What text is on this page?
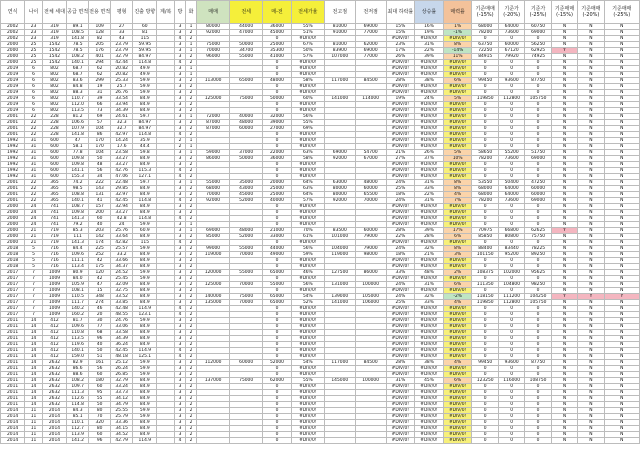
연식	나이	전체 세대	공급 면적	전용 면적	평형	진출 방향	계/복	방	화	매매	전세	매-전	전세가율	전고점	전저점	최대 하락률	상승률	매력률	기준매매 (-15%)	기준가 (-20%)	기준가 (-25%)	기준매매 (-15%)	기준매매 (-20%)	기준매매 (-25%)
2002	23	319	89.1	109	27	60		3	1	80000	44000	36000	55%	81000	69000	15%	16%	1%	68000	64000	60750	N	N	N
2002	23	319	108.5	128	33	81		3	2	92000	47000	45000	51%	91000	77000	15%	19%	-1%	78200	73600	69000	N	N	N
2002	23	319	141.8	82	43	115		4	2			0	#DIV/0!			#DIV/0!	#DIV/0!	#DIV/0!	0	0	0	N	N	N
2000	25	1542	78.5	205	23.79	59.95		3	1	75000	50000	25000	67%	81000	62000	23%	31%	8%	63750	60000	56250	N	N	N
2000	25	1542	78.5	176	23.79	59.95		3	1	70000	34700	35300	50%	83900	69000	17%	22%	-14%	72250	67120	62925	Y	N	N
2000	25	1542	108.2	401	32.79	84.97		3	2	96000	55000	41000	57%	107000	77000	26%	39%	11%	84915	79920	74925	N	N	N
2000	25	1542	140.1	294	42.44	114.8		4	2			0	#DIV/0!			#DIV/0!	#DIV/0!	#DIV/0!	0	0	0	N	N	N
2019	6	802	68.7	62	20.82	49.9		3	1			0	#DIV/0!			#DIV/0!	#DIV/0!	#DIV/0!	0	0	0	N	N	N
2019	6	802	68.7	62	20.82	49.9		3	1			0	#DIV/0!			#DIV/0!	#DIV/0!	#DIV/0!	0	0	0	N	N	N
2019	6	802	83.6	299	25.33	59.9		3	2	113000	65000	48000	58%	117000	84500	28%	38%	6%	99450	93600	87750	N	N	N
2019	6	802	84.8	19	25.7	59.9		3	2			0	#DIV/0!			#DIV/0!	#DIV/0!	#DIV/0!	0	0	0	N	N	N
2019	6	802	88.3	31	26.76	59.9		3	2			0	#DIV/0!			#DIV/0!	#DIV/0!	#DIV/0!	0	0	0	N	N	N
2019	6	802	110.7	39	33.54	84.9		3	2	125000	75000	50000	60%	141000	114000	19%	24%	5%	119850	112800	105750	N	N	N
2019	6	802	112.0	66	33.94	84.9		3	2			0	#DIV/0!			#DIV/0!	#DIV/0!	#DIV/0!	0	0	0	N	N	N
2019	6	802	113.5	73	34.39	84.9		3	2			0	#DIV/0!			#DIV/0!	#DIV/0!	#DIV/0!	0	0	0	N	N	N
2001	22	228	81.2	69	24.61	59.7		3	1	72000	40000	32000	56%			#DIV/0!	#DIV/0!	#DIV/0!	0	0	0	N	N	N
2001	22	228	106.6	57	32.3	84.97		3	2	87000	48000	39000	55%			#DIV/0!	#DIV/0!	#DIV/0!	0	0	0	N	N	N
2001	22	228	107.9	104	32.7	84.97		3	2	87000	60000	27000	69%			#DIV/0!	#DIV/0!	#DIV/0!	0	0	0	N	N	N
2001	22	228	141.8	86	42.97	114.8		4	2			0	#DIV/0!			#DIV/0!	#DIV/0!	#DIV/0!	0	0	0	N	N	N
1992	31	600	47	170	14.24	35.9		2	1			0	#DIV/0!			#DIV/0!	#DIV/0!	#DIV/0!	0	0	0	N	N	N
1992	31	600	58.1	170	17.6	44.4		2	1			0	#DIV/0!			#DIV/0!	#DIV/0!	#DIV/0!	0	0	0	N	N	N
1992	31	600	77.8	104	23.58	59.8		3	1	59000	37000	22000	63%	69000	54700	21%	26%	5%	58650	55200	51750	N	N	N
1992	31	600	109.8	50	33.27	84.9		3	2	86000	50000	36000	58%	92000	67000	27%	37%	10%	78200	73600	69000	N	N	N
1992	31	600	109.8	48	33.27	84.9		3	2			0	#DIV/0!			#DIV/0!	#DIV/0!	#DIV/0!	0	0	0	N	N	N
1992	31	600	141.1	56	42.76	115.3		4	2			0	#DIV/0!			#DIV/0!	#DIV/0!	#DIV/0!	0	0	0	N	N	N
1992	31	600	155.3	34	47.06	127.1		4	2			0	#DIV/0!			#DIV/0!	#DIV/0!	#DIV/0!	0	0	0	N	N	N
2001	22	365	74.2	222	22.48	59.7		3	1	55000	35000	20000	64%	63000	48000	24%	31%	8%	53550	50400	47250	N	N	N
2001	22	365	98.5	143	29.85	84.9		3	2	68000	43000	25000	63%	80000	60000	25%	33%	8%	68000	64000	60000	N	N	N
2001	22	365	108.8	131	32.97	84.9		3	2	70000	45000	25000	64%	80000	65500	18%	22%	4%	68000	64000	60000	N	N	N
2001	22	365	140.1	41	42.45	114.8		4	2	92000	52000	40000	57%	92000	70000	24%	31%	7%	78200	73600	69000	N	N	N
2000	24	741	108.7	157	32.94	84.9		3	2			0	#DIV/0!			#DIV/0!	#DIV/0!	#DIV/0!	0	0	0	N	N	N
2000	24	741	109.8	200	33.27	84.9		3	2			0	#DIV/0!			#DIV/0!	#DIV/0!	#DIV/0!	0	0	0	N	N	N
2000	24	741	141.3	60	42.8	114.8		4	2			0	#DIV/0!			#DIV/0!	#DIV/0!	#DIV/0!	0	0	0	N	N	N
2000	24	741	79.2	40	24	59.9		3	1			0	#DIV/0!			#DIV/0!	#DIV/0!	#DIV/0!	0	0	0	N	N	N
2000	21	719	85.3	203	25.76	60.9		3	1	69000	48000	21000	70%	83500	60000	28%	39%	17%	70975	66800	62625	Y	N	N
2000	21	719	111	142	33.64	84.9		3	2	85000	52000	33000	61%	101000	79000	22%	28%	6%	85850	80800	75750	N	N	N
2000	21	719	141.3	174	42.82	115		4	2			0	#DIV/0!			#DIV/0!	#DIV/0!	#DIV/0!	0	0	0	N	N	N
2018	5	716	84.4	225	25.57	59.9		3	2	99000	55000	44000	56%	104000	79000	24%	32%	8%	88400	83440	78225	N	N	N
2018	5	716	109.6	252	33.2	84.9		3	2	119000	70000	49000	59%	119000	98000	18%	21%	3%	101150	95200	89250	N	N	N
2018	5	716	111.1	42	33.66	84.9		3	2			0	#DIV/0!			#DIV/0!	#DIV/0!	#DIV/0!	0	0	0	N	N	N
2018	5	716	113.4	175	34.37	84.9		3	2			0	#DIV/0!			#DIV/0!	#DIV/0!	#DIV/0!	0	0	0	N	N	N
2017	7	1009	80.9	120	24.52	59.9		3	2	120000	55000	65000	46%	127500	86000	33%	48%	2%	108375	102000	95625	N	N	N
2017	7	1009	84.0	42	25.45	59.9		3	2			0	#DIV/0!			#DIV/0!	#DIV/0!	#DIV/0!	0	0	0	N	N	N
2017	7	1009	105.9	47	32.09	84.9		3	2	125000	70000	55000	56%	131000	100000	24%	31%	6%	111350	104800	98250	N	N	N
2017	7	1009	108.1	15	32.75	84.9		3	2			0	#DIV/0!			#DIV/0!	#DIV/0!	#DIV/0!	0	0	0	N	N	N
2017	7	1009	110.5	348	33.52	84.9		3	2	140000	75000	65000	54%	139000	105000	24%	32%	-2%	118150	111200	104250	Y	Y	Y
2017	7	1009	111.7	274	33.85	84.9		3	2	135000	70000	65000	52%	141000	106000	25%	33%	4%	119850	112800	105750	N	N	N
2017	7	1009	140.2	46	42.48	114.9		4	2			0	#DIV/0!			#DIV/0!	#DIV/0!	#DIV/0!	0	0	0	N	N	N
2017	7	1009	160.2	20	48.55	123.1		4	2			0	#DIV/0!			#DIV/0!	#DIV/0!	#DIV/0!	0	0	0	N	N	N
2011	14	412	81.7	30	24.76	59.9		3	2			0	#DIV/0!			#DIV/0!	#DIV/0!	#DIV/0!	0	0	0	N	N	N
2011	14	412	109.6	77	33.06	84.9		3	2			0	#DIV/0!			#DIV/0!	#DIV/0!	#DIV/0!	0	0	0	N	N	N
2011	14	412	110.8	68	33.58	84.9		3	2			0	#DIV/0!			#DIV/0!	#DIV/0!	#DIV/0!	0	0	0	N	N	N
2011	14	412	113.5	96	34.39	84.9		3	2			0	#DIV/0!			#DIV/0!	#DIV/0!	#DIV/0!	0	0	0	N	N	N
2011	14	412	119.6	40	36.24	84.9		3	2			0	#DIV/0!			#DIV/0!	#DIV/0!	#DIV/0!	0	0	0	N	N	N
2011	14	412	140.1	50	42.45	114.9		4	2			0	#DIV/0!			#DIV/0!	#DIV/0!	#DIV/0!	0	0	0	N	N	N
2011	14	412	159.0	51	48.18	125.1		4	2			0	#DIV/0!			#DIV/0!	#DIV/0!	#DIV/0!	0	0	0	N	N	N
2011	14	2632	82.9	161	25.12	59.9		3	2	112000	60000	52000	54%	117000	84500	28%	38%	4%	99450	93600	87750	N	N	N
2011	14	2632	86.6	56	26.24	59.9		3	2			0	#DIV/0!			#DIV/0!	#DIV/0!	#DIV/0!	0	0	0	N	N	N
2011	14	2632	88.6	60	26.85	59.9		3	2			0	#DIV/0!			#DIV/0!	#DIV/0!	#DIV/0!	0	0	0	N	N	N
2011	14	2632	108.2	180	32.79	84.9		3	2	137000	75000	62000	55%	145000	100000	31%	45%	6%	123250	116000	108750	N	N	N
2011	14	2632	109.7	60	33.24	84.9		3	2			0	#DIV/0!			#DIV/0!	#DIV/0!	#DIV/0!	0	0	0	N	N	N
2011	14	2632	111.3	95	33.73	84.9		3	2			0	#DIV/0!			#DIV/0!	#DIV/0!	#DIV/0!	0	0	0	N	N	N
2011	14	2632	112.6	55	34.12	84.9		3	2			0	#DIV/0!			#DIV/0!	#DIV/0!	#DIV/0!	0	0	0	N	N	N
2011	14	2632	114.8	50	34.79	84.9		3	2			0	#DIV/0!			#DIV/0!	#DIV/0!	#DIV/0!	0	0	0	N	N	N
2014	11	2014	84.3	80	25.55	59.9		3	2			0	#DIV/0!			#DIV/0!	#DIV/0!	#DIV/0!	0	0	0	N	N	N
2014	11	2014	85.1	70	25.79	59.9		3	2			0	#DIV/0!			#DIV/0!	#DIV/0!	#DIV/0!	0	0	0	N	N	N
2014	11	2014	110.1	320	33.36	84.9		3	2			0	#DIV/0!			#DIV/0!	#DIV/0!	#DIV/0!	0	0	0	N	N	N
2014	11	2014	112.7	80	34.15	84.9		3	2			0	#DIV/0!			#DIV/0!	#DIV/0!	#DIV/0!	0	0	0	N	N	N
2014	11	2014	113.9	60	34.52	84.9		3	2			0	#DIV/0!			#DIV/0!	#DIV/0!	#DIV/0!	0	0	0	N	N	N
2014	11	2014	141.2	96	42.79	114.9		4	2			0	#DIV/0!			#DIV/0!	#DIV/0!	#DIV/0!	0	0	0	N	N	N
